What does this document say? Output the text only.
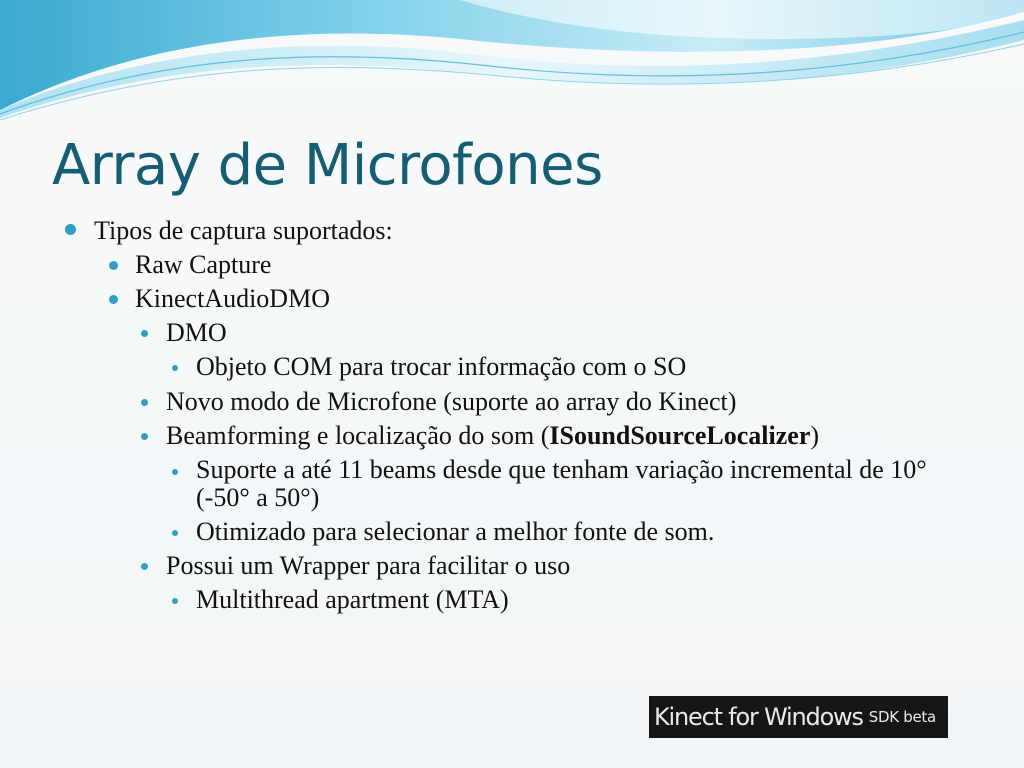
Array de Microfones
Tipos de captura suportados:
Raw Capture
KinectAudioDMO
DMO
Objeto COM para trocar informação com o SO
Novo modo de Microfone (suporte ao array do Kinect)
Beamforming e localização do som (ISoundSourceLocalizer)
Suporte a até 11 beams desde que tenham variação incremental de 10° (-50° a 50°)
Otimizado para selecionar a melhor fonte de som.
Possui um Wrapper para facilitar o uso
Multithread apartment (MTA)
Kinect for Windows SDK beta
